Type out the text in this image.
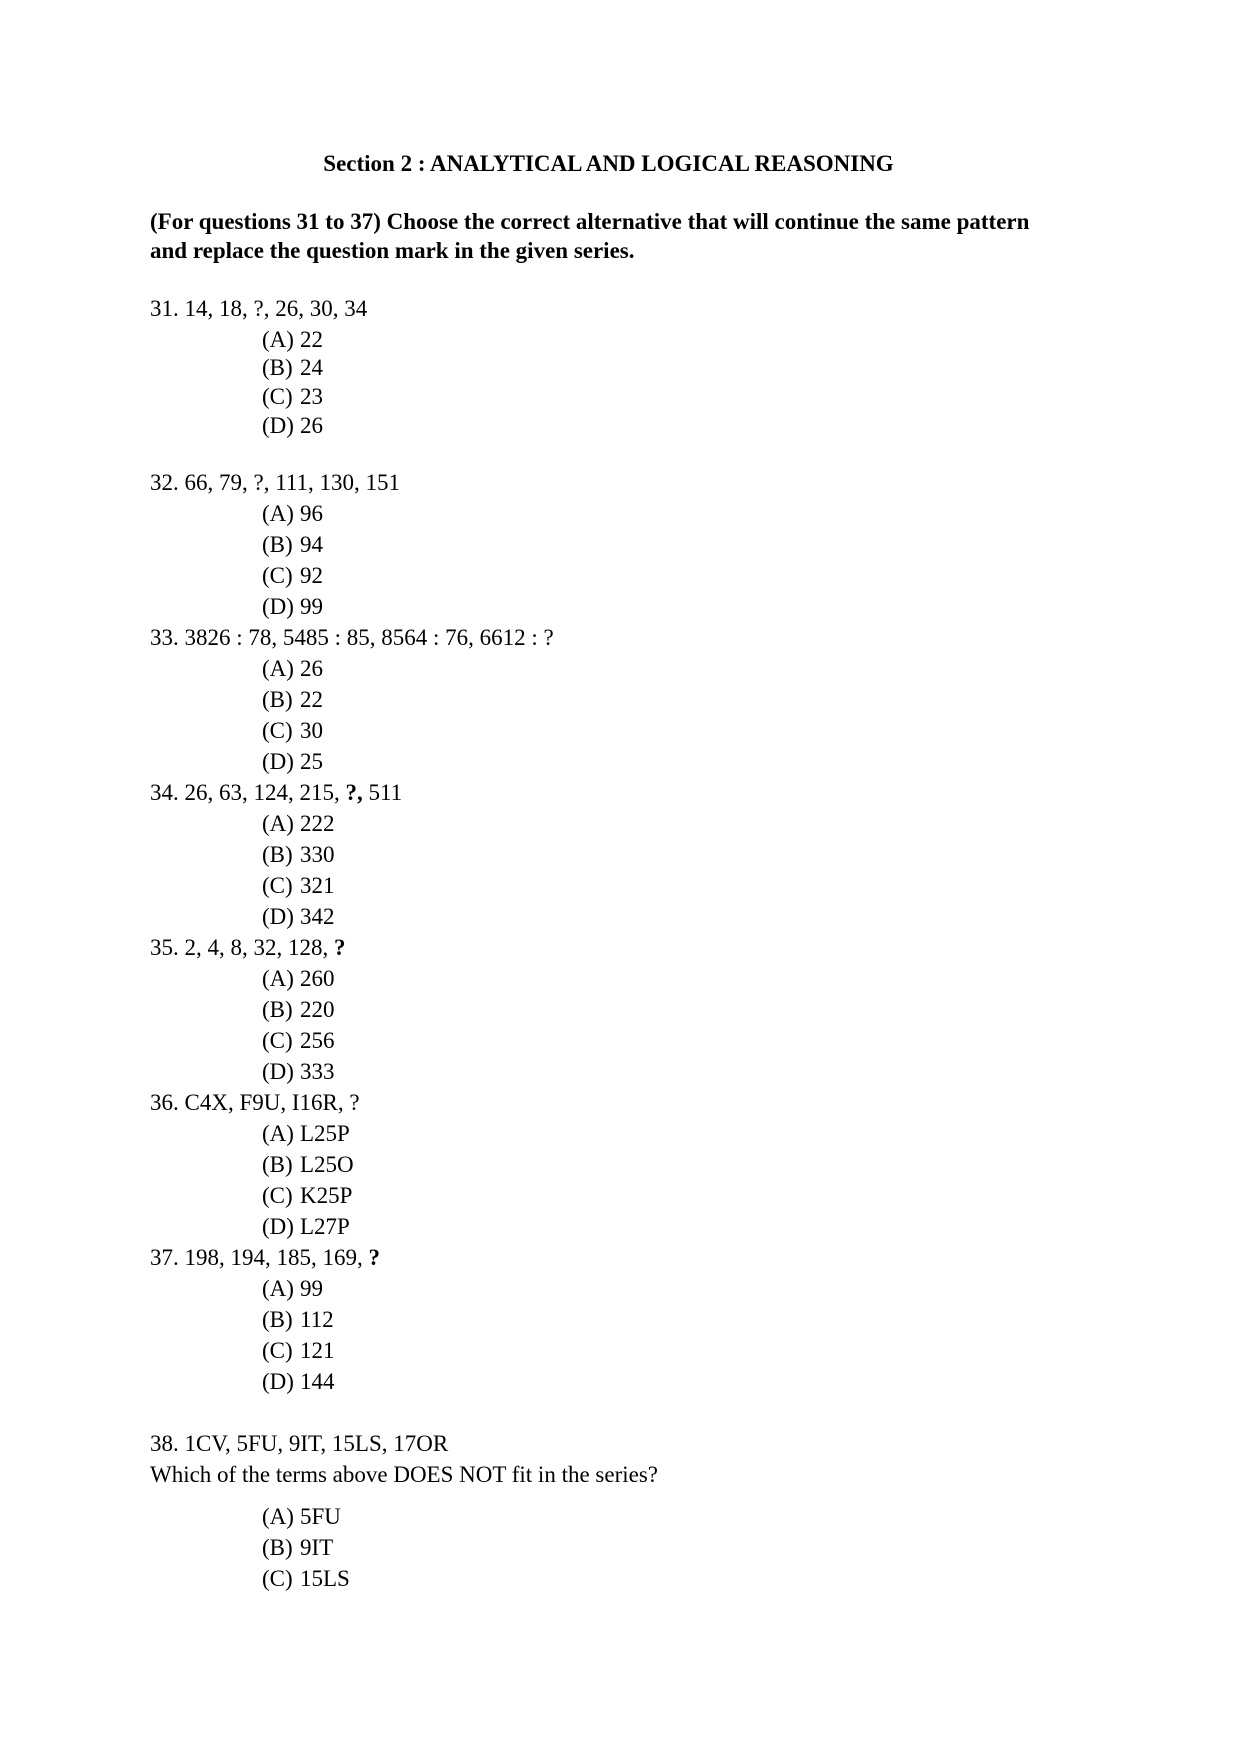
Section 2 : ANALYTICAL AND LOGICAL REASONING
(For questions 31 to 37) Choose the correct alternative that will continue the same pattern
and replace the question mark in the given series.
31. 14, 18, ?, 26, 30, 34
(A) 22
(B) 24
(C) 23
(D) 26
32. 66, 79, ?, 111, 130, 151
(A) 96
(B) 94
(C) 92
(D) 99
33. 3826 : 78, 5485 : 85, 8564 : 76, 6612 : ?
(A) 26
(B) 22
(C) 30
(D) 25
34. 26, 63, 124, 215, ?, 511
(A) 222
(B) 330
(C) 321
(D) 342
35. 2, 4, 8, 32, 128, ?
(A) 260
(B) 220
(C) 256
(D) 333
36. C4X, F9U, I16R, ?
(A) L25P
(B) L25O
(C) K25P
(D) L27P
37. 198, 194, 185, 169, ?
(A) 99
(B) 112
(C) 121
(D) 144
38. 1CV, 5FU, 9IT, 15LS, 17OR
Which of the terms above DOES NOT fit in the series?
(A) 5FU
(B) 9IT
(C) 15LS
